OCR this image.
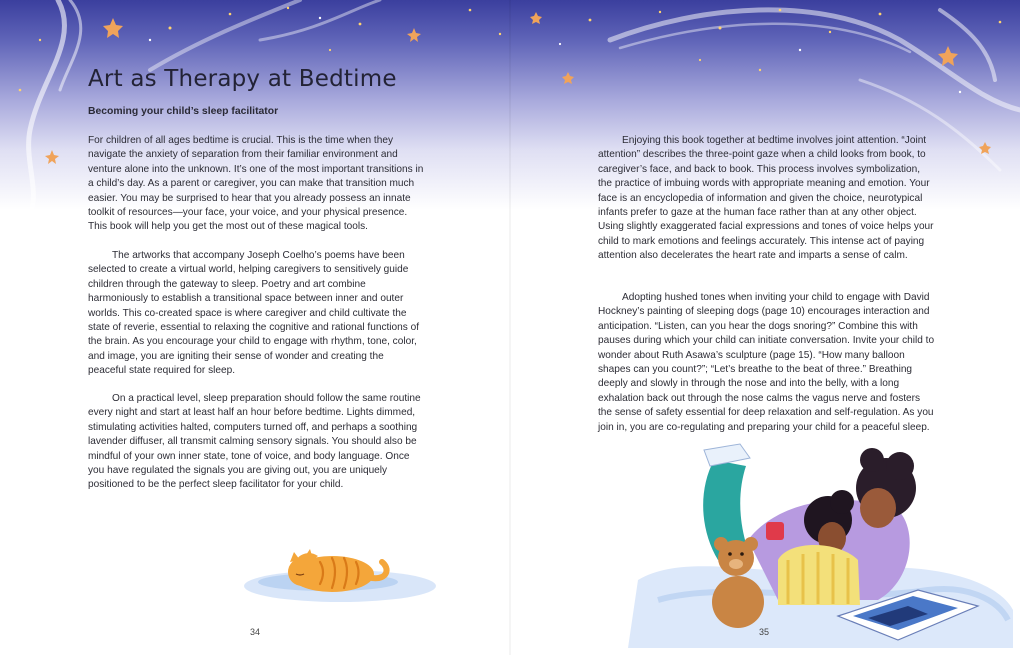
Art as Therapy at Bedtime
Becoming your child’s sleep facilitator

For children of all ages bedtime is crucial. This is the time when they navigate the anxiety of separation from their familiar environment and venture alone into the unknown. It’s one of the most important transitions in a child’s day. As a parent or caregiver, you can make that transition much easier. You may be surprised to hear that you already possess an innate toolkit of resources—your face, your voice, and your physical presence. This book will help you get the most out of these magical tools.

The artworks that accompany Joseph Coelho’s poems have been selected to create a virtual world, helping caregivers to sensitively guide children through the gateway to sleep. Poetry and art combine harmoniously to establish a transitional space between inner and outer worlds. This co-created space is where caregiver and child cultivate the state of reverie, essential to relaxing the cognitive and rational functions of the brain. As you encourage your child to engage with rhythm, tone, color, and image, you are igniting their sense of wonder and creating the peaceful state required for sleep.

On a practical level, sleep preparation should follow the same routine every night and start at least half an hour before bedtime. Lights dimmed, stimulating activities halted, computers turned off, and perhaps a soothing lavender diffuser, all transmit calming sensory signals. You should also be mindful of your own inner state, tone of voice, and body language. Once you have regulated the signals you are giving out, you are uniquely positioned to be the perfect sleep facilitator for your child.

Enjoying this book together at bedtime involves joint attention. “Joint attention” describes the three-point gaze when a child looks from book, to caregiver’s face, and back to book. This process involves symbolization, the practice of imbuing words with appropriate meaning and emotion. Your face is an encyclopedia of information and given the choice, neurotypical infants prefer to gaze at the human face rather than at any other object. Using slightly exaggerated facial expressions and tones of voice helps your child to mark emotions and feelings accurately. This intense act of paying attention also decelerates the heart rate and imparts a sense of calm.

Adopting hushed tones when inviting your child to engage with David Hockney’s painting of sleeping dogs (page 10) encourages interaction and anticipation. “Listen, can you hear the dogs snoring?” Combine this with pauses during which your child can initiate conversation. Invite your child to wonder about Ruth Asawa’s sculpture (page 15). “How many balloon shapes can you count?”; “Let’s breathe to the beat of three.” Breathing deeply and slowly in through the nose and into the belly, with a long exhalation back out through the nose calms the vagus nerve and fosters the sense of safety essential for deep relaxation and self-regulation. As you join in, you are co-regulating and preparing your child for a peaceful sleep.

34	35
